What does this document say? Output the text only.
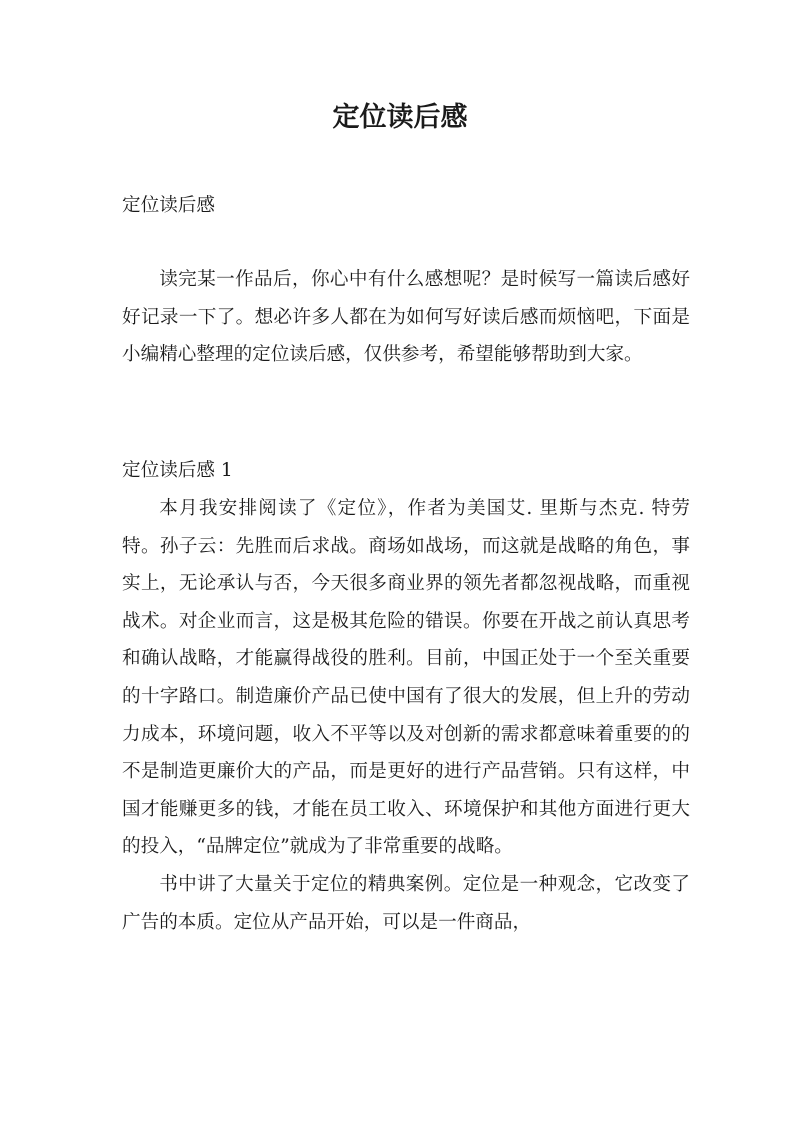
定位读后感

定位读后感

读完某一作品后，你心中有什么感想呢？是时候写一篇读后感好好记录一下了。想必许多人都在为如何写好读后感而烦恼吧，下面是小编精心整理的定位读后感，仅供参考，希望能够帮助到大家。

定位读后感 1

本月我安排阅读了《定位》，作者为美国艾. 里斯与杰克. 特劳特。孙子云：先胜而后求战。商场如战场，而这就是战略的角色，事实上，无论承认与否，今天很多商业界的领先者都忽视战略，而重视战术。对企业而言，这是极其危险的错误。你要在开战之前认真思考和确认战略，才能赢得战役的胜利。目前，中国正处于一个至关重要的十字路口。制造廉价产品已使中国有了很大的发展，但上升的劳动力成本，环境问题，收入不平等以及对创新的需求都意味着重要的的不是制造更廉价大的产品，而是更好的进行产品营销。只有这样，中国才能赚更多的钱，才能在员工收入、环境保护和其他方面进行更大的投入，“品牌定位”就成为了非常重要的战略。

书中讲了大量关于定位的精典案例。定位是一种观念，它改变了广告的本质。定位从产品开始，可以是一件商品，
